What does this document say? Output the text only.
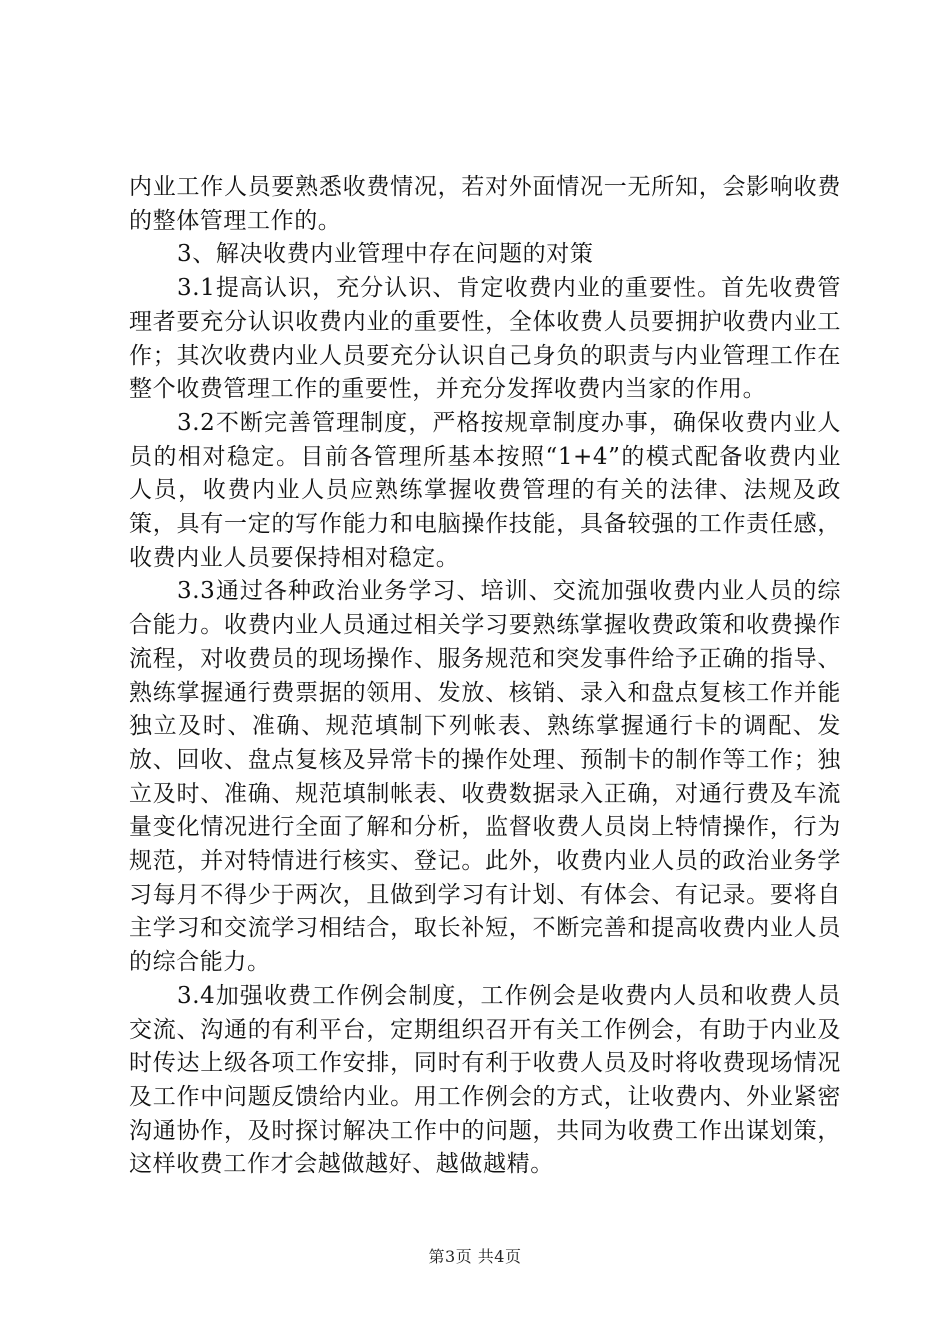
内业工作人员要熟悉收费情况，若对外面情况一无所知，会影响收费的整体管理工作的。

3、解决收费内业管理中存在问题的对策

3.1提高认识，充分认识、肯定收费内业的重要性。首先收费管理者要充分认识收费内业的重要性，全体收费人员要拥护收费内业工作；其次收费内业人员要充分认识自己身负的职责与内业管理工作在整个收费管理工作的重要性，并充分发挥收费内当家的作用。

3.2不断完善管理制度，严格按规章制度办事，确保收费内业人员的相对稳定。目前各管理所基本按照“1+4”的模式配备收费内业人员，收费内业人员应熟练掌握收费管理的有关的法律、法规及政策，具有一定的写作能力和电脑操作技能，具备较强的工作责任感，收费内业人员要保持相对稳定。

3.3通过各种政治业务学习、培训、交流加强收费内业人员的综合能力。收费内业人员通过相关学习要熟练掌握收费政策和收费操作流程，对收费员的现场操作、服务规范和突发事件给予正确的指导、熟练掌握通行费票据的领用、发放、核销、录入和盘点复核工作并能独立及时、准确、规范填制下列帐表、熟练掌握通行卡的调配、发放、回收、盘点复核及异常卡的操作处理、预制卡的制作等工作；独立及时、准确、规范填制帐表、收费数据录入正确，对通行费及车流量变化情况进行全面了解和分析，监督收费人员岗上特情操作，行为规范，并对特情进行核实、登记。此外，收费内业人员的政治业务学习每月不得少于两次，且做到学习有计划、有体会、有记录。要将自主学习和交流学习相结合，取长补短，不断完善和提高收费内业人员的综合能力。

3.4加强收费工作例会制度，工作例会是收费内人员和收费人员交流、沟通的有利平台，定期组织召开有关工作例会，有助于内业及时传达上级各项工作安排，同时有利于收费人员及时将收费现场情况及工作中问题反馈给内业。用工作例会的方式，让收费内、外业紧密沟通协作，及时探讨解决工作中的问题，共同为收费工作出谋划策，这样收费工作才会越做越好、越做越精。

第3页 共4页
